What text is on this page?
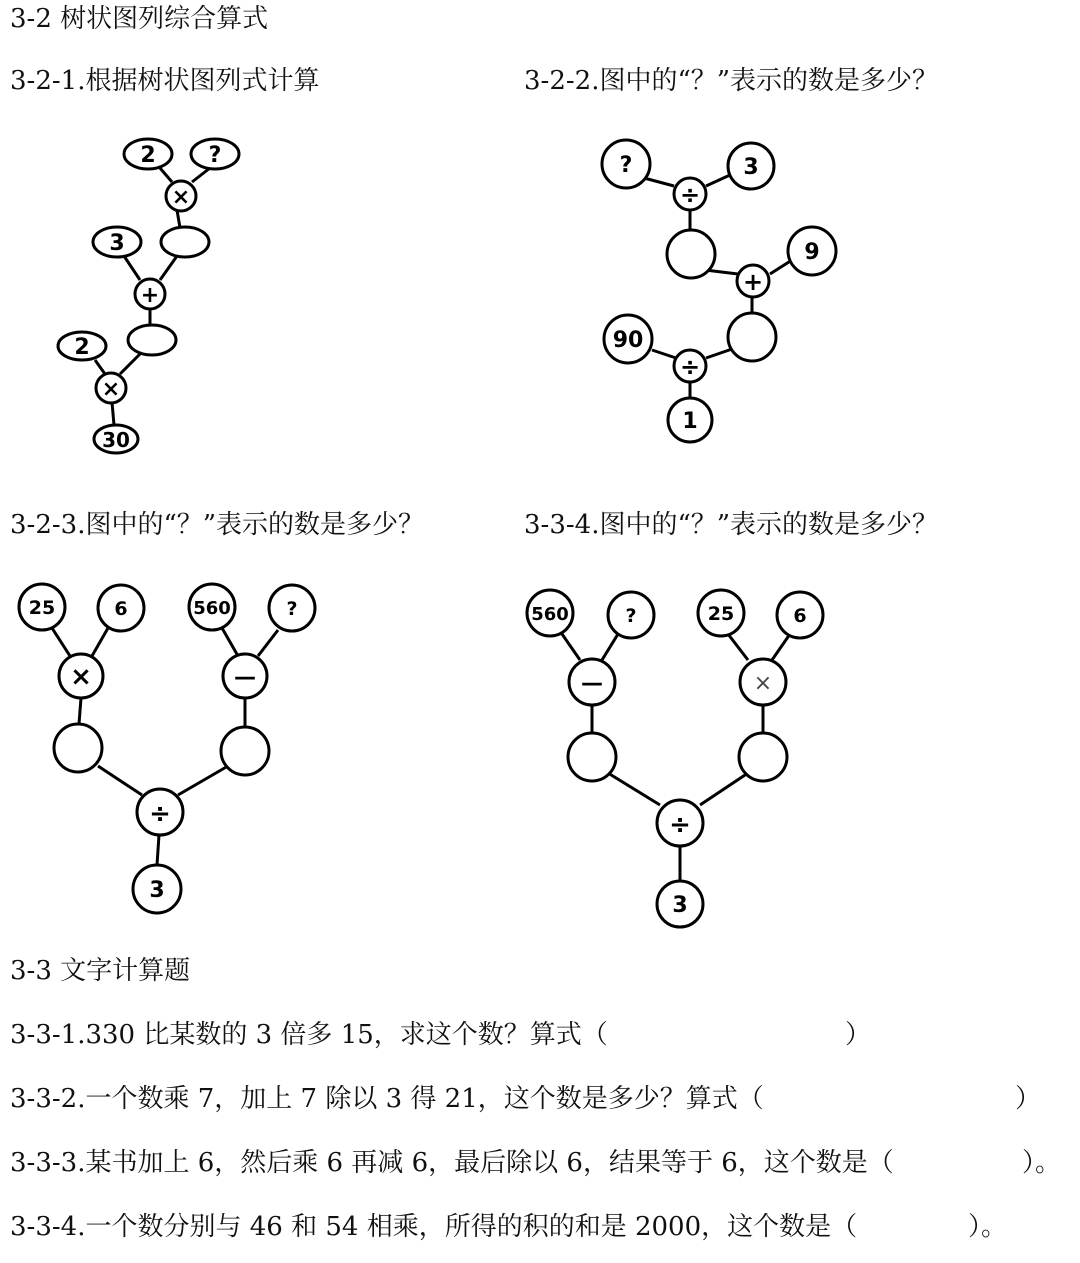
3-2 树状图列综合算式
3-2-1.根据树状图列式计算	3-2-2.图中的“？”表示的数是多少？
3-2-3.图中的“？”表示的数是多少？	3-3-4.图中的“？”表示的数是多少？
2 ?
×
3
+
2
×
30
?	3
÷
9
+
90
÷
1
25	6	560	?
×	—
÷
3
560	?	25	6
—	×
÷
3
3-3 文字计算题
3-3-1.330 比某数的 3 倍多 15，求这个数？算式（	）
3-3-2.一个数乘 7，加上 7 除以 3 得 21，这个数是多少？算式（	）
3-3-3.某书加上 6，然后乘 6 再减 6，最后除以 6，结果等于 6，这个数是（	）。
3-3-4.一个数分别与 46 和 54 相乘，所得的积的和是 2000，这个数是（	）。
